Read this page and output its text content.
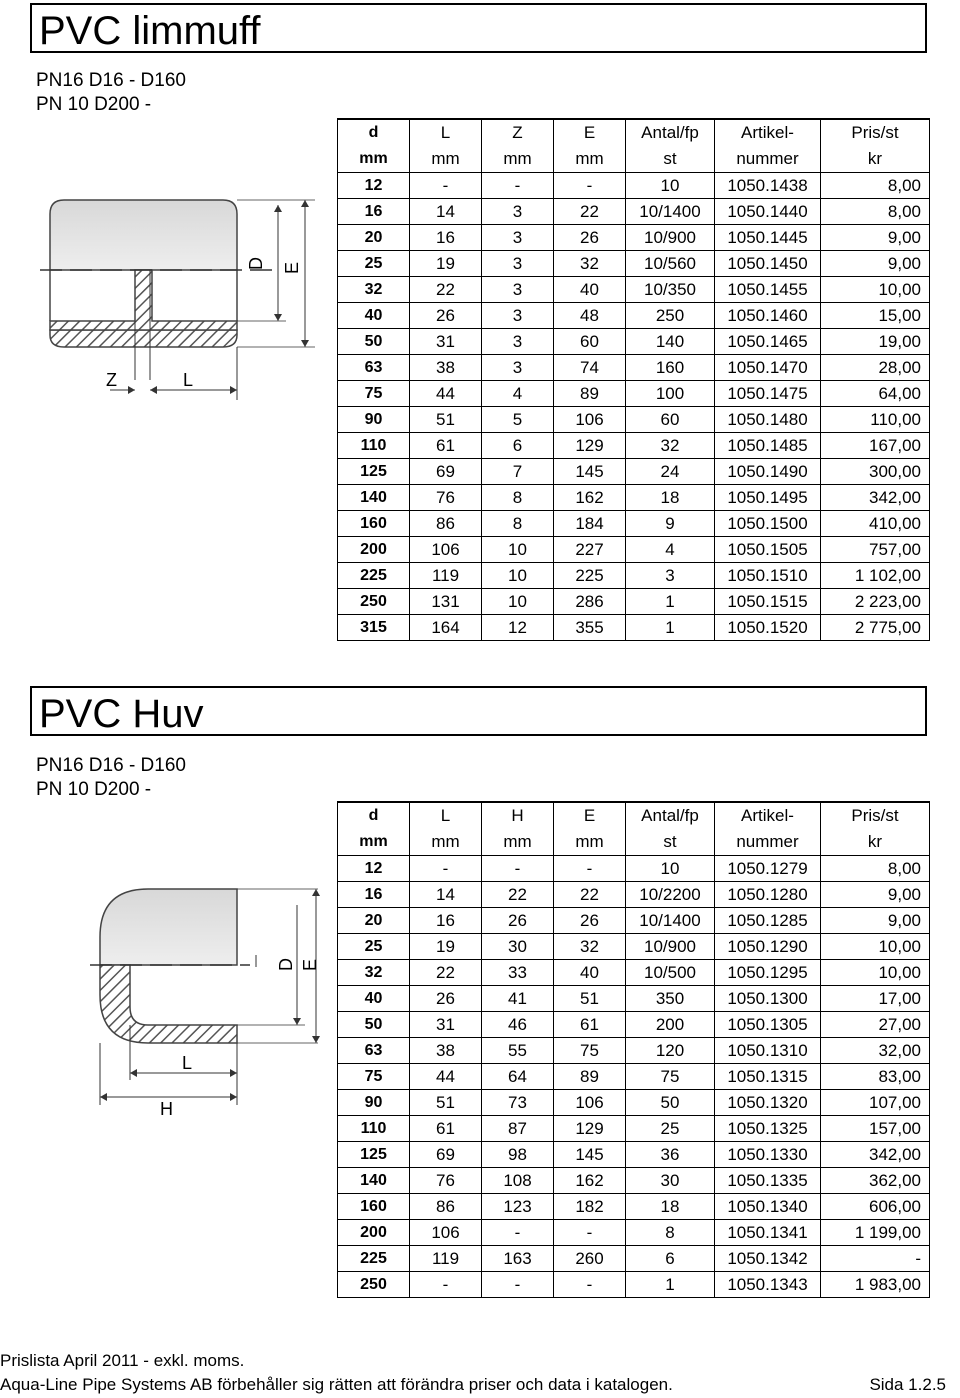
PVC limmuff
PN16 D16 - D160
PN 10 D200 -
D E
Z	L
d	L	Z	E	Antal/fp	Artikel-	Pris/st
mm	mm	mm	mm	st	nummer	kr
12	-	-	-	10	1050.1438	8,00
16	14	3	22	10/1400	1050.1440	8,00
20	16	3	26	10/900	1050.1445	9,00
25	19	3	32	10/560	1050.1450	9,00
32	22	3	40	10/350	1050.1455	10,00
40	26	3	48	250	1050.1460	15,00
50	31	3	60	140	1050.1465	19,00
63	38	3	74	160	1050.1470	28,00
75	44	4	89	100	1050.1475	64,00
90	51	5	106	60	1050.1480	110,00
110	61	6	129	32	1050.1485	167,00
125	69	7	145	24	1050.1490	300,00
140	76	8	162	18	1050.1495	342,00
160	86	8	184	9	1050.1500	410,00
200	106	10	227	4	1050.1505	757,00
225	119	10	225	3	1050.1510	1 102,00
250	131	10	286	1	1050.1515	2 223,00
315	164	12	355	1	1050.1520	2 775,00
PVC Huv
PN16 D16 - D160
PN 10 D200 -
D E
L
H
d	L	H	E	Antal/fp	Artikel-	Pris/st
mm	mm	mm	mm	st	nummer	kr
12	-	-	-	10	1050.1279	8,00
16	14	22	22	10/2200	1050.1280	9,00
20	16	26	26	10/1400	1050.1285	9,00
25	19	30	32	10/900	1050.1290	10,00
32	22	33	40	10/500	1050.1295	10,00
40	26	41	51	350	1050.1300	17,00
50	31	46	61	200	1050.1305	27,00
63	38	55	75	120	1050.1310	32,00
75	44	64	89	75	1050.1315	83,00
90	51	73	106	50	1050.1320	107,00
110	61	87	129	25	1050.1325	157,00
125	69	98	145	36	1050.1330	342,00
140	76	108	162	30	1050.1335	362,00
160	86	123	182	18	1050.1340	606,00
200	106	-	-	8	1050.1341	1 199,00
225	119	163	260	6	1050.1342	-
250	-	-	-	1	1050.1343	1 983,00
Prislista April 2011 - exkl. moms.
Aqua-Line Pipe Systems AB förbehåller sig rätten att förändra priser och data i katalogen.	Sida 1.2.5
